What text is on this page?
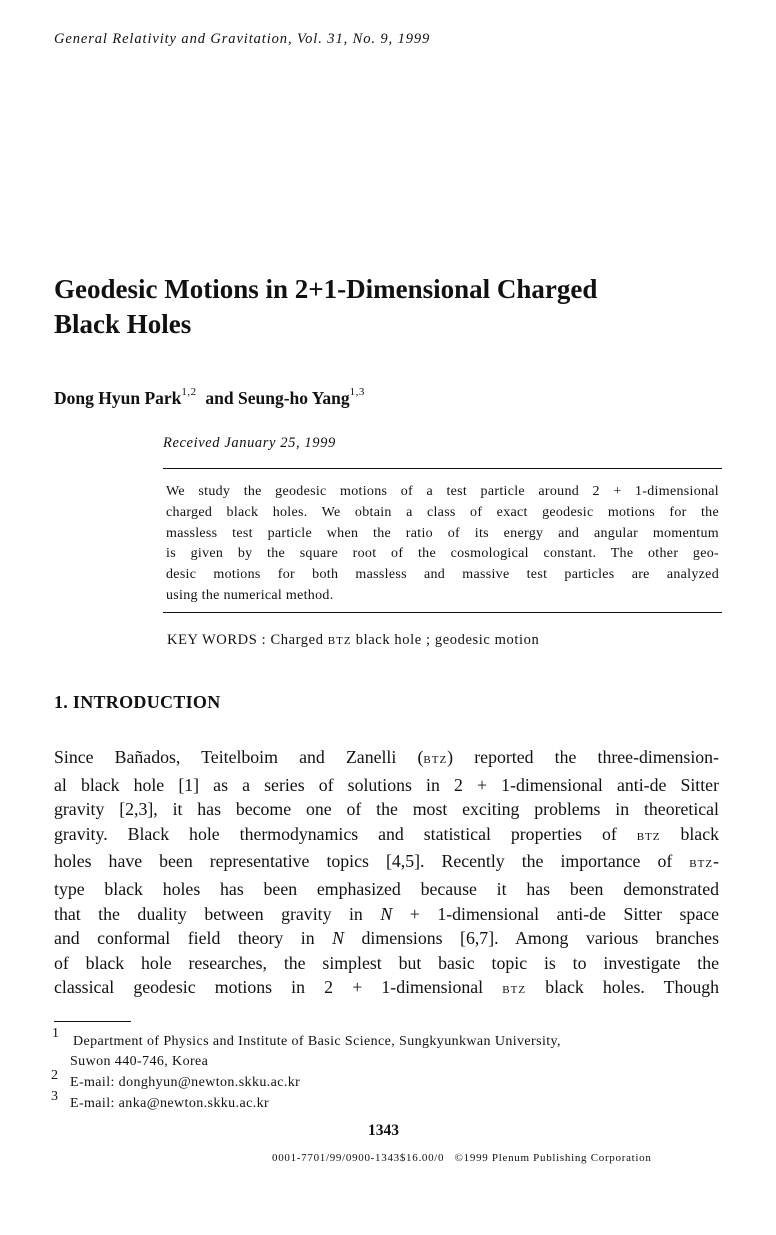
General Relativity and Gravitation, Vol. 31, No. 9, 1999
Geodesic Motions in 2+1-Dimensional Charged
Black Holes
Dong Hyun Park$^{1,2}$ and Seung-ho Yang$^{1,3}$
Received January 25, 1999
We study the geodesic motions of a test particle around 2 + 1-dimensional
charged black holes. We obtain a class of exact geodesic motions for the
massless test particle when the ratio of its energy and angular momentum
is given by the square root of the cosmological constant. The other geo-
desic motions for both massless and massive test particles are analyzed
using the numerical method.
KEY WORDS : Charged BTZ black hole ; geodesic motion
1. INTRODUCTION
Since Bañados, Teitelboim and Zanelli (BTZ) reported the three-dimension-
al black hole [1] as a series of solutions in 2 + 1-dimensional anti-de Sitter
gravity [2,3], it has become one of the most exciting problems in theoretical
gravity. Black hole thermodynamics and statistical properties of BTZ black
holes have been representative topics [4,5]. Recently the importance of BTZ-
type black holes has been emphasized because it has been demonstrated
that the duality between gravity in N + 1-dimensional anti-de Sitter space
and conformal field theory in N dimensions [6,7]. Among various branches
of black hole researches, the simplest but basic topic is to investigate the
classical geodesic motions in 2 + 1-dimensional BTZ black holes. Though
1
Department of Physics and Institute of Basic Science, Sungkyunkwan University,
Suwon 440-746, Korea
2 E-mail: donghyun@newton.skku.ac.kr
3 E-mail: anka@newton.skku.ac.kr
1343
0001-7701/99/0900-1343$16.00/0 ©1999 Plenum Publishing Corporation
